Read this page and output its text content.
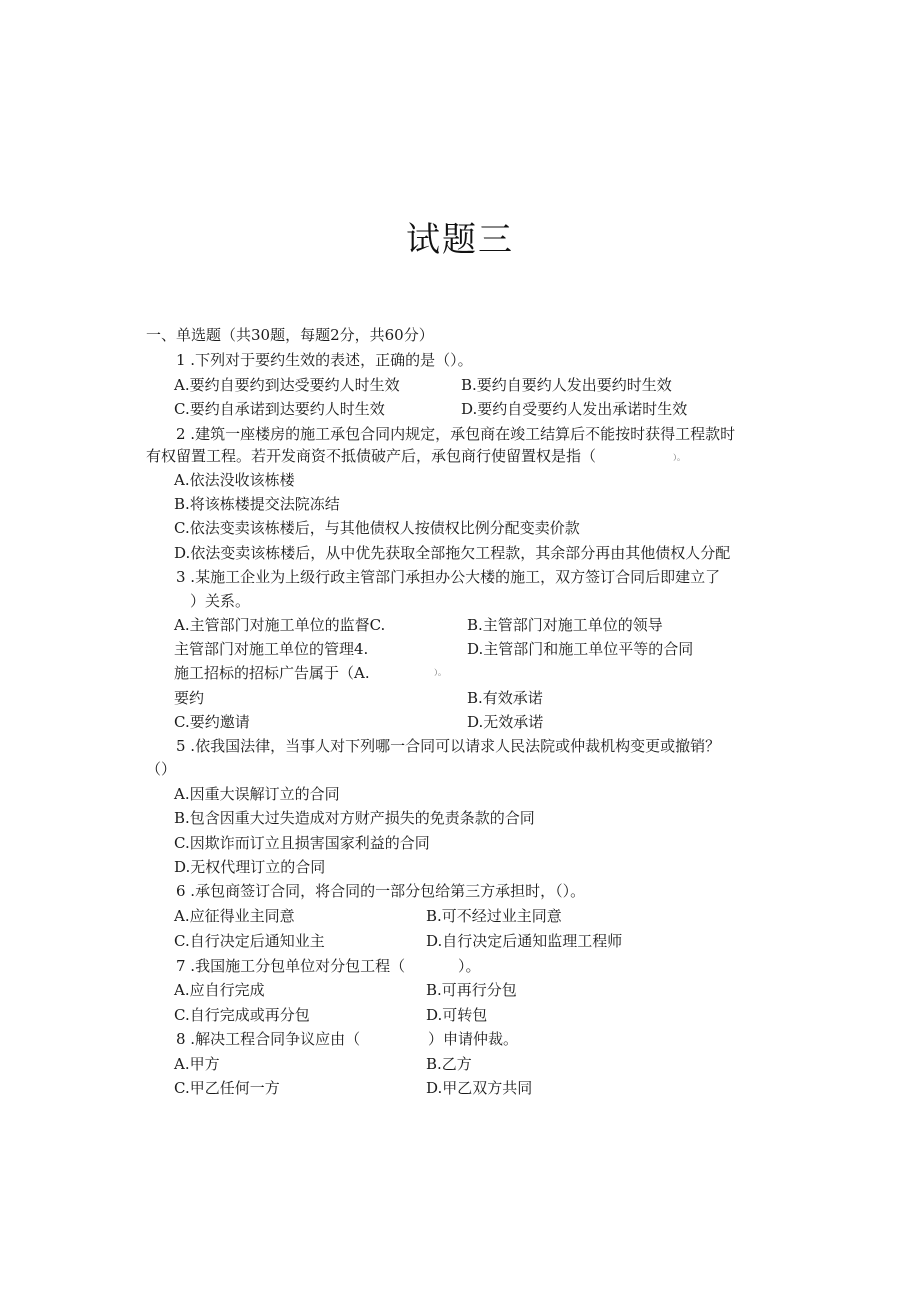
试题三
一、单选题（共30题，每题2分，共60分）
1 .下列对于要约生效的表述，正确的是（）。
A.要约自要约到达受要约人时生效	B.要约自要约人发出要约时生效
C.要约自承诺到达要约人时生效	D.要约自受要约人发出承诺时生效
2 .建筑一座楼房的施工承包合同内规定，承包商在竣工结算后不能按时获得工程款时
有权留置工程。若开发商资不抵债破产后，承包商行使留置权是指（	）。
A.依法没收该栋楼
B.将该栋楼提交法院冻结
C.依法变卖该栋楼后，与其他债权人按债权比例分配变卖价款
D.依法变卖该栋楼后，从中优先获取全部拖欠工程款，其余部分再由其他债权人分配
3 .某施工企业为上级行政主管部门承担办公大楼的施工，双方签订合同后即建立了
）关系。
A.主管部门对施工单位的监督C.	B.主管部门对施工单位的领导
主管部门对施工单位的管理4.	D.主管部门和施工单位平等的合同
施工招标的招标广告属于（A.	）。
要约	B.有效承诺
C.要约邀请	D.无效承诺
5 .依我国法律，当事人对下列哪一合同可以请求人民法院或仲裁机构变更或撤销？
（）
A.因重大误解订立的合同
B.包含因重大过失造成对方财产损失的免责条款的合同
C.因欺诈而订立且损害国家利益的合同
D.无权代理订立的合同
6 .承包商签订合同，将合同的一部分包给第三方承担时，（）。
A.应征得业主同意	B.可不经过业主同意
C.自行决定后通知业主	D.自行决定后通知监理工程师
7 .我国施工分包单位对分包工程（	）。
A.应自行完成	B.可再行分包
C.自行完成或再分包	D.可转包
8 .解决工程合同争议应由（	）申请仲裁。
A.甲方	B.乙方
C.甲乙任何一方	D.甲乙双方共同
